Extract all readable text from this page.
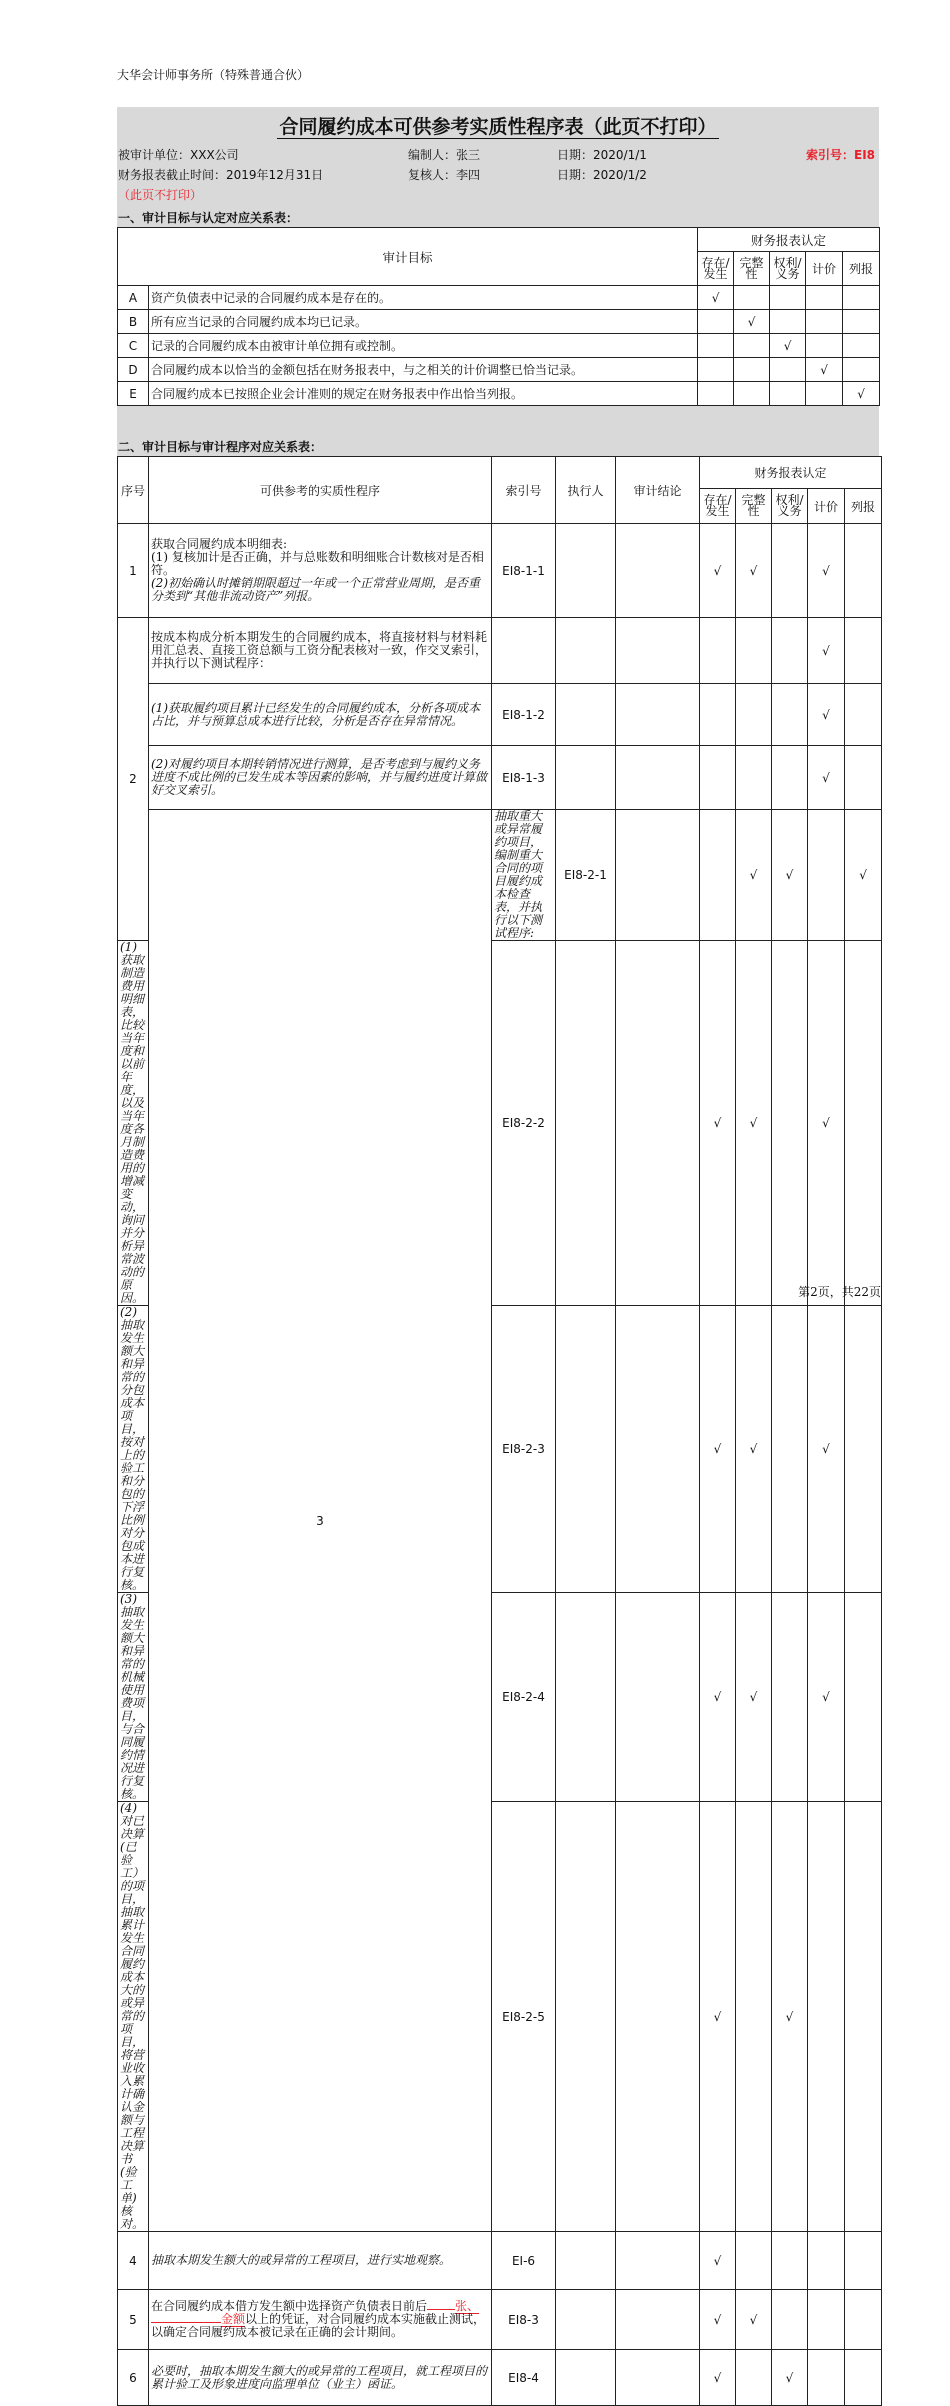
大华会计师事务所（特殊普通合伙）
合同履约成本可供参考实质性程序表（此页不打印）
被审计单位：XXX公司	编制人：张三	日期：2020/1/1	索引号：EI8
财务报表截止时间：2019年12月31日	复核人：李四	日期：2020/1/2
（此页不打印）
一、审计目标与认定对应关系表：
审计目标		财务报表认定				
		存在/发生	完整性	权利/义务	计价	列报
A	资产负债表中记录的合同履约成本是存在的。	√				
B	所有应当记录的合同履约成本均已记录。		√			
C	记录的合同履约成本由被审计单位拥有或控制。			√		
D	合同履约成本以恰当的金额包括在财务报表中，与之相关的计价调整已恰当记录。				√	
E	合同履约成本已按照企业会计准则的规定在财务报表中作出恰当列报。					√
二、审计目标与审计程序对应关系表：
序号	可供参考的实质性程序	索引号	执行人	审计结论	财务报表认定					
					存在/发生	完整性	权利/义务	计价	列报	
1	获取合同履约成本明细表:
(1) 复核加计是否正确，并与总账数和明细账合计数核对是否相符。
(2)初始确认时摊销期限超过一年或一个正常营业周期，是否重分类到“其他非流动资产”列报。	EI8-1-1			√	√		√		
2	按成本构成分析本期发生的合同履约成本，将直接材料与材料耗用汇总表、直接工资总额与工资分配表核对一致，作交叉索引，并执行以下测试程序：							√		
	(1)获取履约项目累计已经发生的合同履约成本，分析各项成本占比，并与预算总成本进行比较，分析是否存在异常情况。	EI8-1-2						√		
	(2)对履约项目本期转销情况进行测算，是否考虑到与履约义务进度不成比例的已发生成本等因素的影响，并与履约进度计算做好交叉索引。	EI8-1-3						√		
	3	抽取重大或异常履约项目，编制重大合同的项目履约成本检查表，并执行以下测试程序:	EI8-2-1			√	√		√	
(1)获取制造费用明细表，比较当年度和以前年度，以及当年度各月制造费用的增减变动，询问并分析异常波动的原因。		EI8-2-2			√	√		√		
(2)抽取发生额大和异常的分包成本项目，按对上的验工和分包的下浮比例对分包成本进行复核。		EI8-2-3			√	√		√		
(3)抽取发生额大和异常的机械使用费项目，与合同履约情况进行复核。		EI8-2-4			√	√		√		
(4)对已决算(已验工）的项目，抽取累计发生合同履约成本大的或异常的项目，将营业收入累计确认金额与工程决算书(验工单)核对。		EI8-2-5			√		√			
4	抽取本期发生额大的或异常的工程项目，进行实地观察。	EI-6			√					
5	在合同履约成本借方发生额中选择资产负债表日前后 张、金额以上的凭证，对合同履约成本实施截止测试，以确定合同履约成本被记录在正确的会计期间。	EI8-3			√	√				
6	必要时，抽取本期发生额大的或异常的工程项目，就工程项目的累计验工及形象进度向监理单位（业主）函证。	EI8-4			√		√			
第2页，共22页
